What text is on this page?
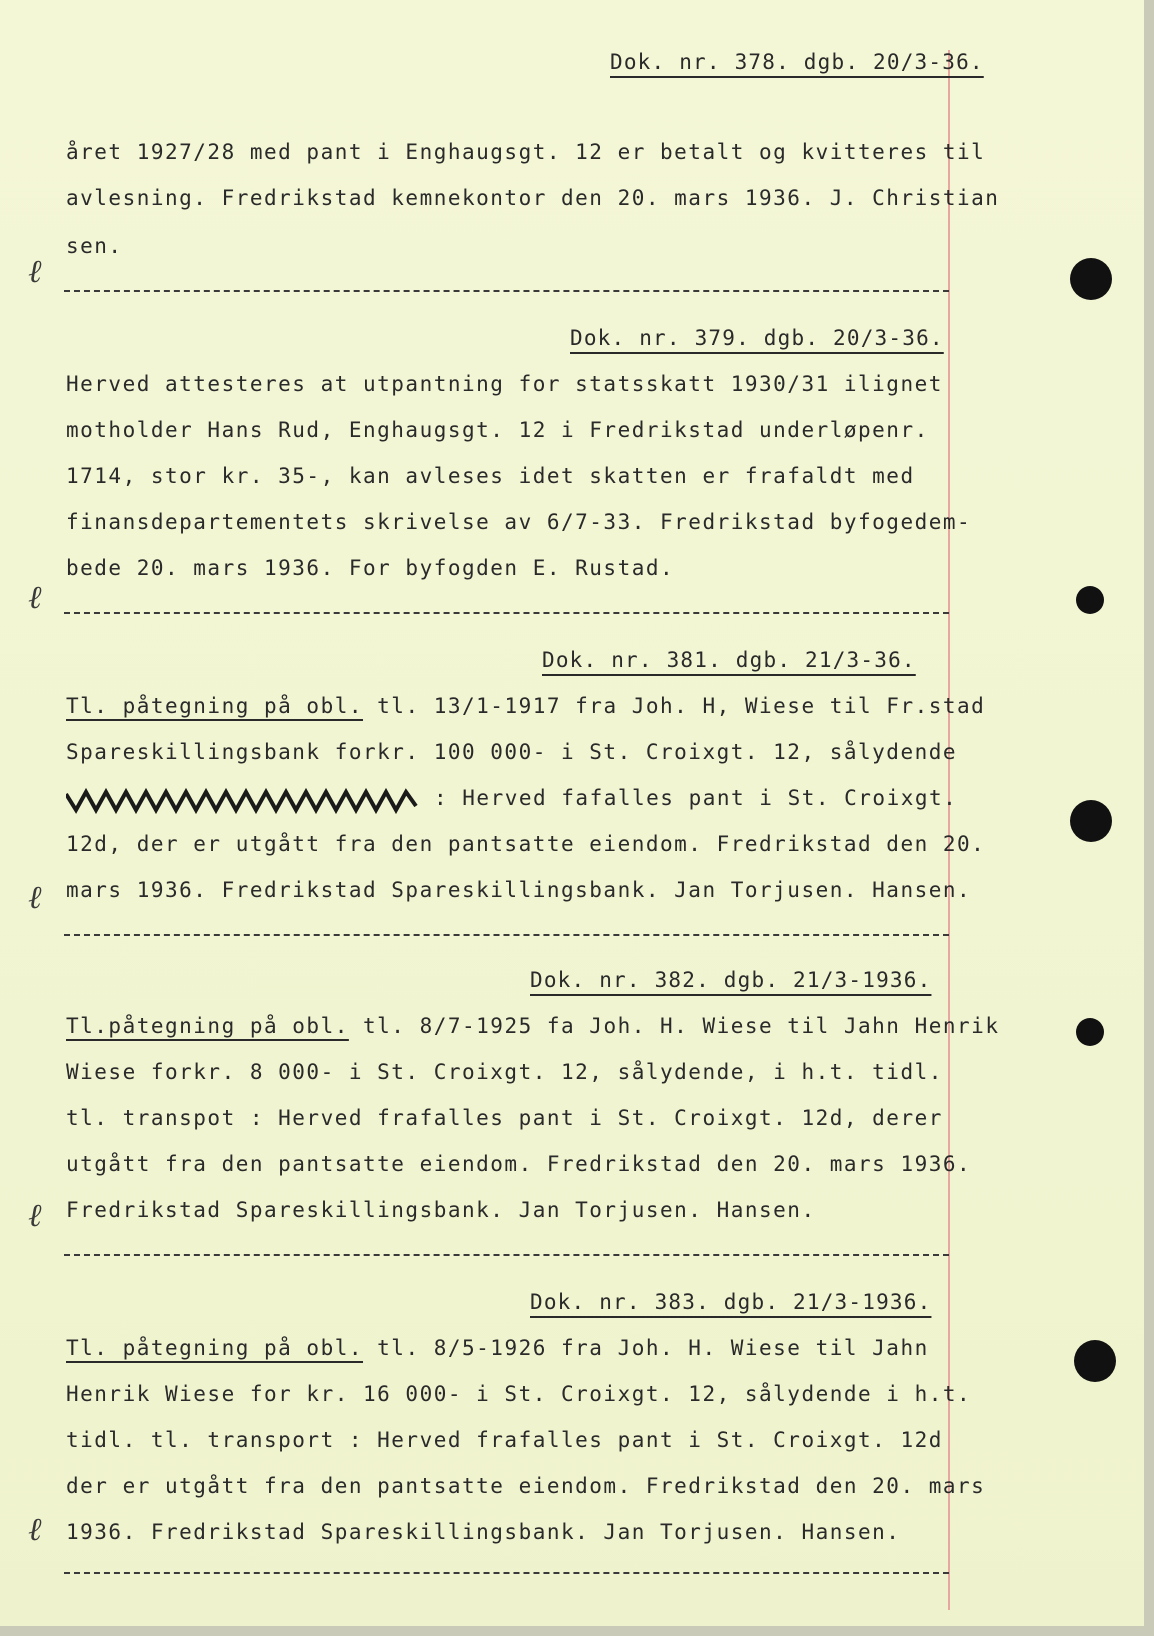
Dok. nr. 378. dgb. 20/3-36.
året 1927/28 med pant i Enghaugsgt. 12 er betalt og kvitteres til
avlesning. Fredrikstad kemnekontor den 20. mars 1936. J. Christian
sen.
ℓ
Dok. nr. 379. dgb. 20/3-36.
Herved attesteres at utpantning for statsskatt 1930/31 ilignet
motholder Hans Rud, Enghaugsgt. 12 i Fredrikstad underløpenr.
1714, stor kr. 35-, kan avleses idet skatten er frafaldt med
finansdepartementets skrivelse av 6/7-33. Fredrikstad byfogedem-
bede 20. mars 1936. For byfogden E. Rustad.
ℓ
Dok. nr. 381. dgb. 21/3-36.
Tl. påtegning på obl. tl. 13/1-1917 fra Joh. H, Wiese til Fr.stad
Spareskillingsbank forkr. 100 000- i St. Croixgt. 12, sålydende
: Herved fafalles pant i St. Croixgt.
12d, der er utgått fra den pantsatte eiendom. Fredrikstad den 20.
mars 1936. Fredrikstad Spareskillingsbank. Jan Torjusen. Hansen.
ℓ
Dok. nr. 382. dgb. 21/3-1936.
Tl.påtegning på obl. tl. 8/7-1925 fa Joh. H. Wiese til Jahn Henrik
Wiese forkr. 8 000- i St. Croixgt. 12, sålydende, i h.t. tidl.
tl. transpot : Herved frafalles pant i St. Croixgt. 12d, derer
utgått fra den pantsatte eiendom. Fredrikstad den 20. mars 1936.
Fredrikstad Spareskillingsbank. Jan Torjusen. Hansen.
ℓ
Dok. nr. 383. dgb. 21/3-1936.
Tl. påtegning på obl. tl. 8/5-1926 fra Joh. H. Wiese til Jahn
Henrik Wiese for kr. 16 000- i St. Croixgt. 12, sålydende i h.t.
tidl. tl. transport : Herved frafalles pant i St. Croixgt. 12d
der er utgått fra den pantsatte eiendom. Fredrikstad den 20. mars
1936. Fredrikstad Spareskillingsbank. Jan Torjusen. Hansen.
ℓ
